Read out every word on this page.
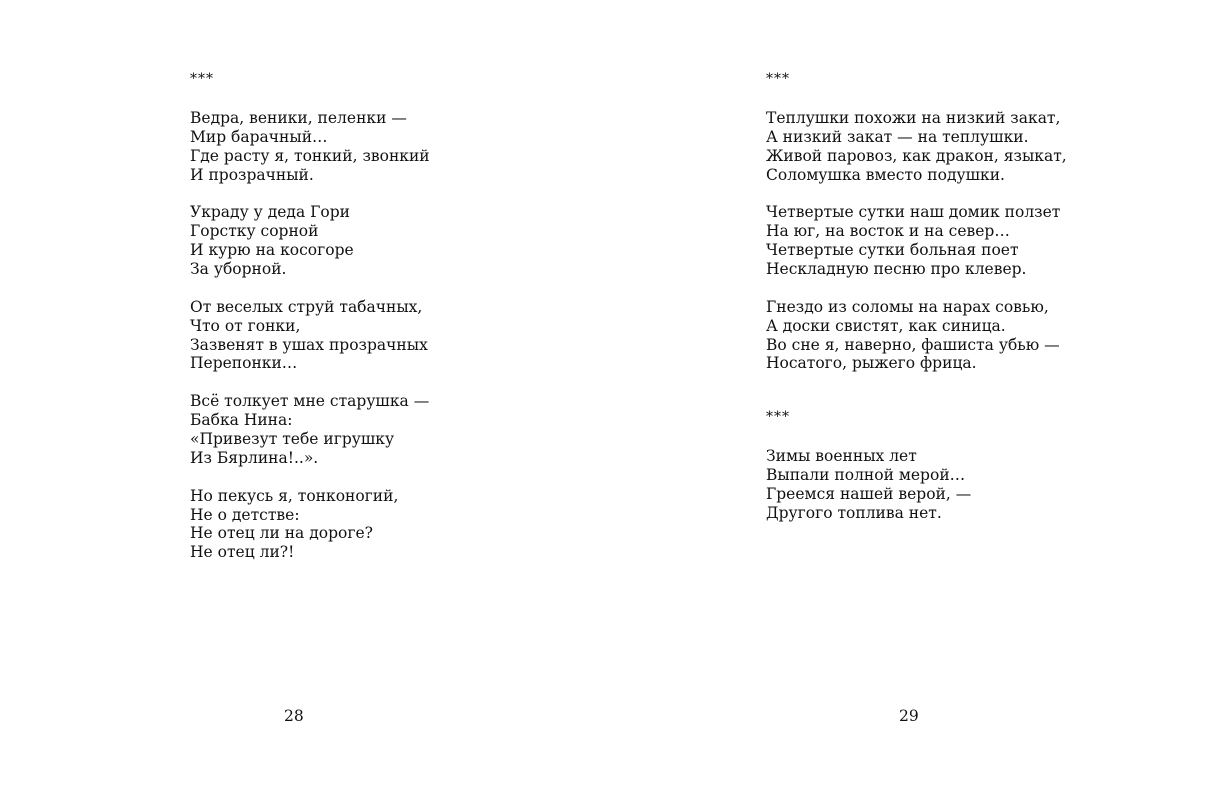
***
Ведра, веники, пеленки —
Мир барачный…
Где расту я, тонкий, звонкий
И прозрачный.
Украду у деда Гори
Горстку сорной
И курю на косогоре
За уборной.
От веселых струй табачных,
Что от гонки,
Зазвенят в ушах прозрачных
Перепонки…
Всё толкует мне старушка —
Бабка Нина:
«Привезут тебе игрушку
Из Бярлина!..».
Но пекусь я, тонконогий,
Не о детстве:
Не отец ли на дороге?
Не отец ли?!
28
***
Теплушки похожи на низкий закат,
А низкий закат — на теплушки.
Живой паровоз, как дракон, языкат,
Соломушка вместо подушки.
Четвертые сутки наш домик ползет
На юг, на восток и на север…
Четвертые сутки больная поет
Нескладную песню про клевер.
Гнездо из соломы на нарах совью,
А доски свистят, как синица.
Во сне я, наверно, фашиста убью —
Носатого, рыжего фрица.
***
Зимы военных лет
Выпали полной мерой…
Греемся нашей верой, —
Другого топлива нет.
29
